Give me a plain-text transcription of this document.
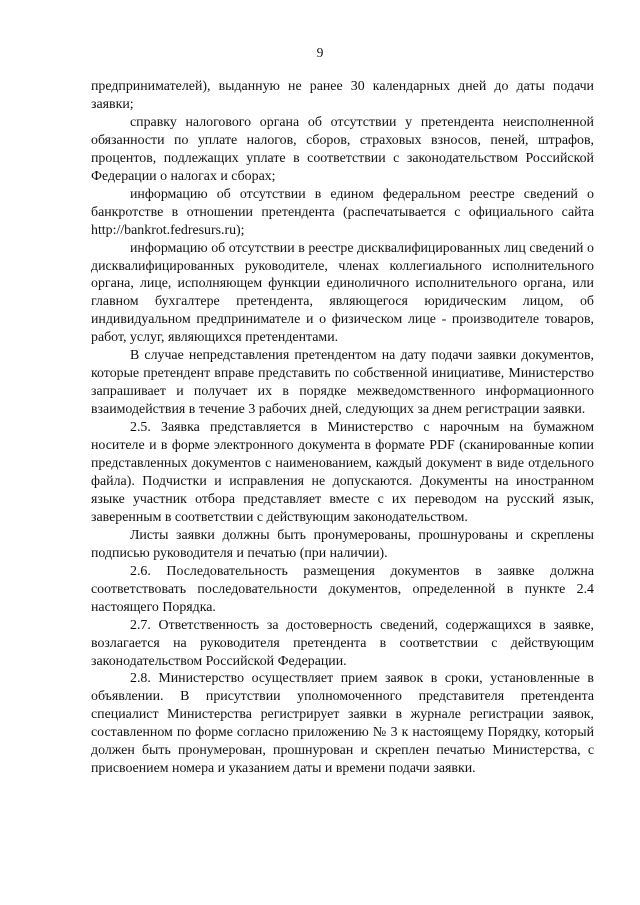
9

предпринимателей), выданную не ранее 30 календарных дней до даты подачи заявки;

справку налогового органа об отсутствии у претендента неисполненной обязанности по уплате налогов, сборов, страховых взносов, пеней, штрафов, процентов, подлежащих уплате в соответствии с законодательством Российской Федерации о налогах и сборах;

информацию об отсутствии в едином федеральном реестре сведений о банкротстве в отношении претендента (распечатывается с официального сайта http://bankrot.fedresurs.ru);

информацию об отсутствии в реестре дисквалифицированных лиц сведений о дисквалифицированных руководителе, членах коллегиального исполнительного органа, лице, исполняющем функции единоличного исполнительного органа, или главном бухгалтере претендента, являющегося юридическим лицом, об индивидуальном предпринимателе и о физическом лице - производителе товаров, работ, услуг, являющихся претендентами.

В случае непредставления претендентом на дату подачи заявки документов, которые претендент вправе представить по собственной инициативе, Министерство запрашивает и получает их в порядке межведомственного информационного взаимодействия в течение 3 рабочих дней, следующих за днем регистрации заявки.

2.5. Заявка представляется в Министерство с нарочным на бумажном носителе и в форме электронного документа в формате PDF (сканированные копии представленных документов с наименованием, каждый документ в виде отдельного файла). Подчистки и исправления не допускаются. Документы на иностранном языке участник отбора представляет вместе с их переводом на русский язык, заверенным в соответствии с действующим законодательством.

Листы заявки должны быть пронумерованы, прошнурованы и скреплены подписью руководителя и печатью (при наличии).

2.6. Последовательность размещения документов в заявке должна соответствовать последовательности документов, определенной в пункте 2.4 настоящего Порядка.

2.7. Ответственность за достоверность сведений, содержащихся в заявке, возлагается на руководителя претендента в соответствии с действующим законодательством Российской Федерации.

2.8. Министерство осуществляет прием заявок в сроки, установленные в объявлении. В присутствии уполномоченного представителя претендента специалист Министерства регистрирует заявки в журнале регистрации заявок, составленном по форме согласно приложению № 3 к настоящему Порядку, который должен быть пронумерован, прошнурован и скреплен печатью Министерства, с присвоением номера и указанием даты и времени подачи заявки.
